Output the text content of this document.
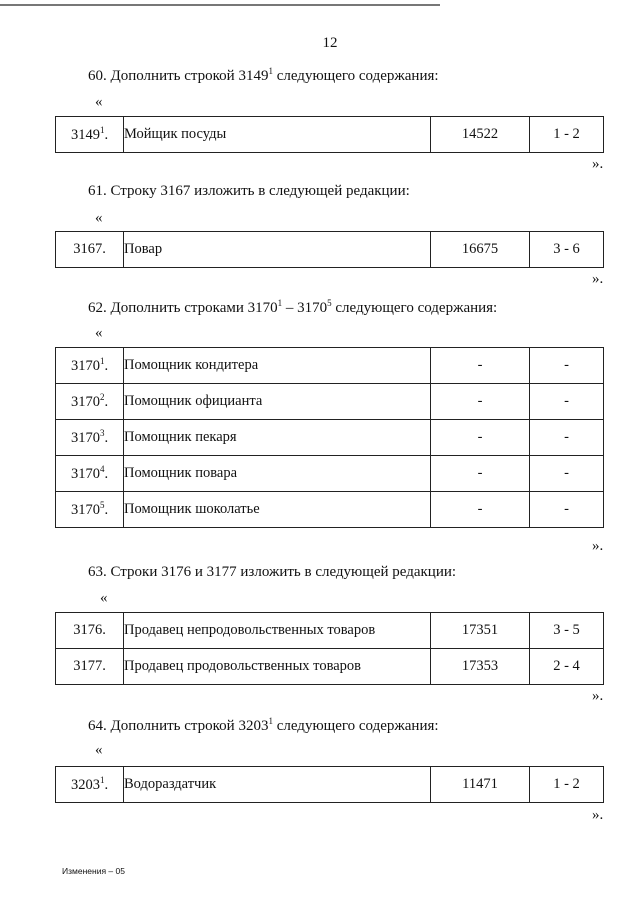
12
60. Дополнить строкой 3149$^1$ следующего содержания:
«
3149$^1$.	Мойщик посуды	14522	1 - 2
».
61. Строку 3167 изложить в следующей редакции:
«
3167.	Повар	16675	3 - 6
».
62. Дополнить строками 3170$^1$ – 3170$^5$ следующего содержания:
«
3170$^1$.	Помощник кондитера	-	-
3170$^2$.	Помощник официанта	-	-
3170$^3$.	Помощник пекаря	-	-
3170$^4$.	Помощник повара	-	-
3170$^5$.	Помощник шоколатье	-	-
».
63. Строки 3176 и 3177 изложить в следующей редакции:
«
3176.	Продавец непродовольственных товаров	17351	3 - 5
3177.	Продавец продовольственных товаров	17353	2 - 4
».
64. Дополнить строкой 3203$^1$ следующего содержания:
«
3203$^1$.	Водораздатчик	11471	1 - 2
».
Изменения – 05
